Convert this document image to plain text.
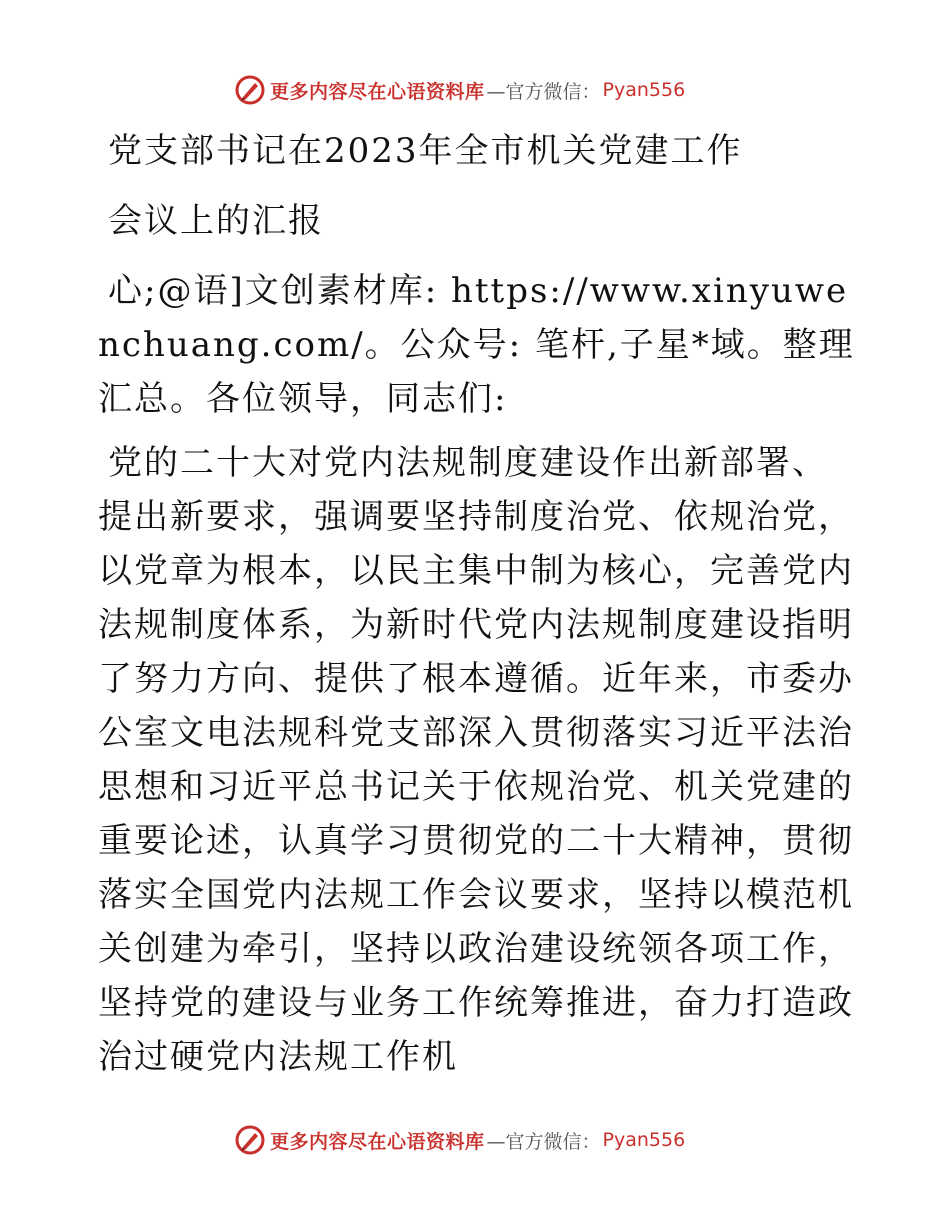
更多内容尽在心语资料库 —官方微信： Pyan556

党支部书记在2023年全市机关党建工作

会议上的汇报

心;@语]文创素材库: https://www.xinyuwenchuang.com/。公众号: 笔杆,子星*域。整理汇总。各位领导，同志们:

党的二十大对党内法规制度建设作出新部署、提出新要求，强调要坚持制度治党、依规治党，以党章为根本，以民主集中制为核心，完善党内法规制度体系，为新时代党内法规制度建设指明了努力方向、提供了根本遵循。近年来，市委办公室文电法规科党支部深入贯彻落实习近平法治思想和习近平总书记关于依规治党、机关党建的重要论述，认真学习贯彻党的二十大精神，贯彻落实全国党内法规工作会议要求，坚持以模范机关创建为牵引，坚持以政治建设统领各项工作，坚持党的建设与业务工作统筹推进，奋力打造政治过硬党内法规工作机

更多内容尽在心语资料库 —官方微信： Pyan556
